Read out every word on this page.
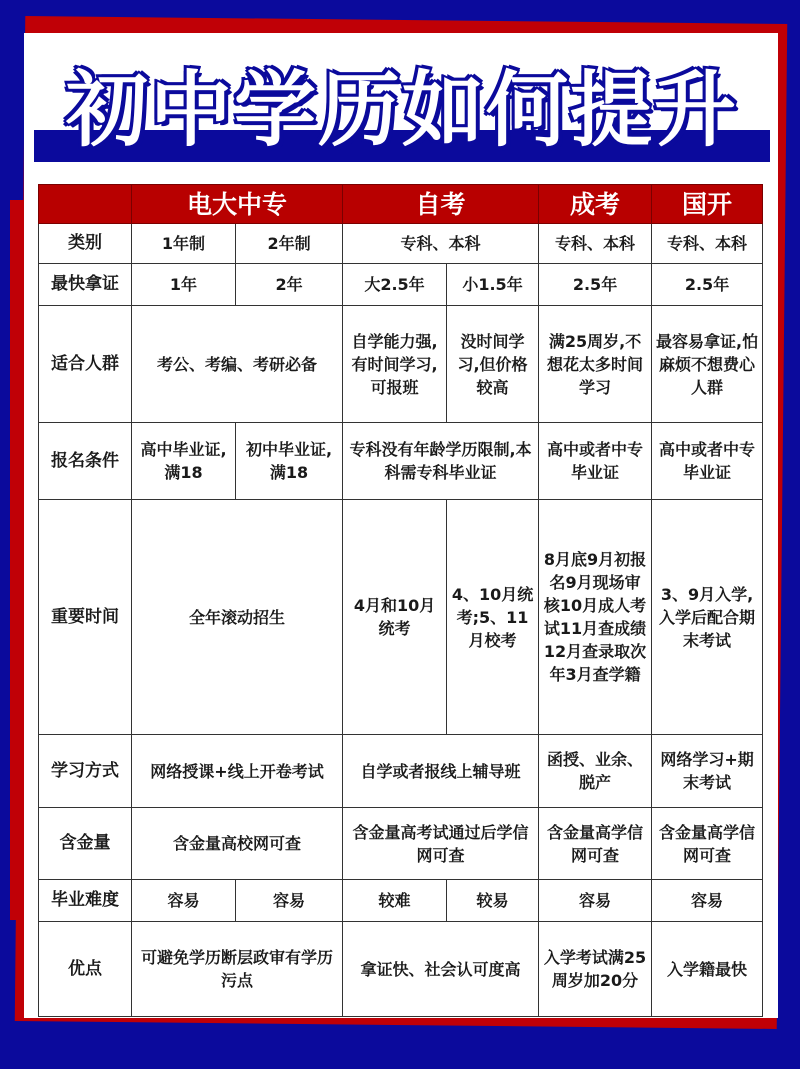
初中学历如何提升
	电大中专		自考		成考	国开
类别	1年制	2年制	专科、本科		专科、本科	专科、本科
最快拿证	1年	2年	大2.5年	小1.5年	2.5年	2.5年
适合人群	考公、考编、考研必备		自学能力强,有时间学习,可报班	没时间学习,但价格较高	满25周岁,不想花太多时间学习	最容易拿证,怕麻烦不想费心人群
报名条件	高中毕业证,满18	初中毕业证,满18	专科没有年龄学历限制,本科需专科毕业证		高中或者中专毕业证	高中或者中专毕业证
重要时间	全年滚动招生		4月和10月统考	4、10月统考;5、11月校考	8月底9月初报名9月现场审核10月成人考试11月查成绩12月查录取次年3月查学籍	3、9月入学,入学后配合期末考试
学习方式	网络授课+线上开卷考试		自学或者报线上辅导班		函授、业余、脱产	网络学习+期末考试
含金量	含金量高校网可查		含金量高考试通过后学信网可查		含金量高学信网可查	含金量高学信网可查
毕业难度	容易	容易	较难	较易	容易	容易
优点	可避免学历断层政审有学历污点		拿证快、社会认可度高		入学考试满25周岁加20分	入学籍最快
